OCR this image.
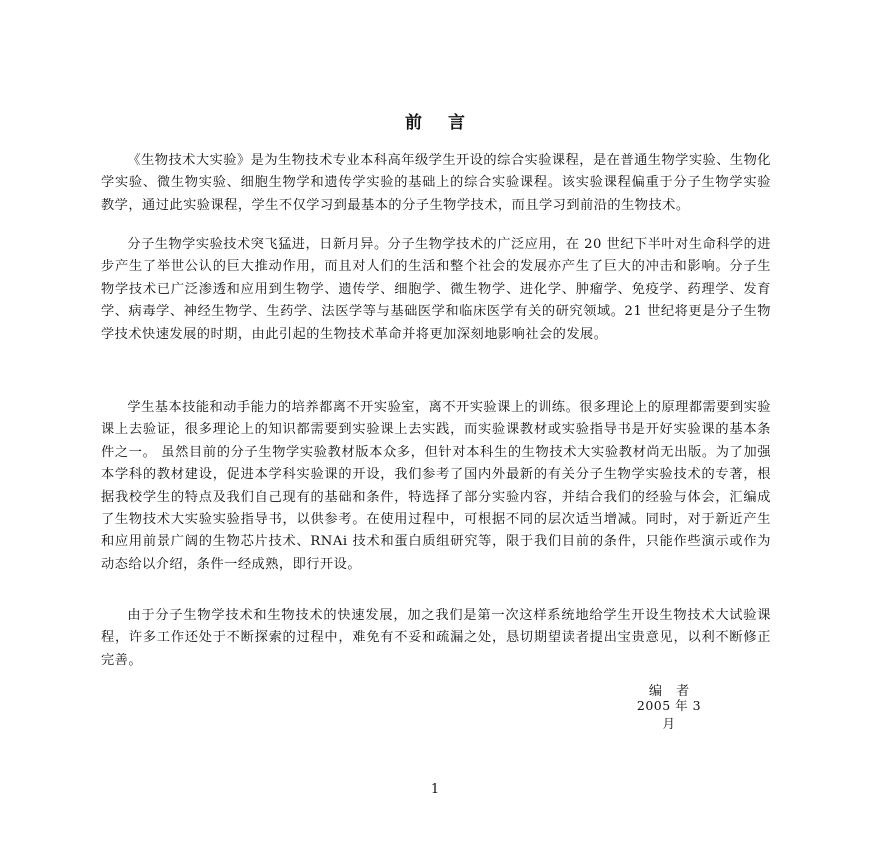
前言
《生物技术大实验》是为生物技术专业本科高年级学生开设的综合实验课程，是在普通生物学实验、生物化学实验、微生物实验、细胞生物学和遗传学实验的基础上的综合实验课程。该实验课程偏重于分子生物学实验教学，通过此实验课程，学生不仅学习到最基本的分子生物学技术，而且学习到前沿的生物技术。
分子生物学实验技术突飞猛进，日新月异。分子生物学技术的广泛应用，在 20 世纪下半叶对生命科学的进步产生了举世公认的巨大推动作用，而且对人们的生活和整个社会的发展亦产生了巨大的冲击和影响。分子生物学技术已广泛渗透和应用到生物学、遗传学、细胞学、微生物学、进化学、肿瘤学、免疫学、药理学、发育学、病毒学、神经生物学、生药学、法医学等与基础医学和临床医学有关的研究领域。21 世纪将更是分子生物学技术快速发展的时期，由此引起的生物技术革命并将更加深刻地影响社会的发展。
学生基本技能和动手能力的培养都离不开实验室，离不开实验课上的训练。很多理论上的原理都需要到实验课上去验证，很多理论上的知识都需要到实验课上去实践，而实验课教材或实验指导书是开好实验课的基本条件之一。 虽然目前的分子生物学实验教材版本众多，但针对本科生的生物技术大实验教材尚无出版。为了加强本学科的教材建设，促进本学科实验课的开设，我们参考了国内外最新的有关分子生物学实验技术的专著，根据我校学生的特点及我们自己现有的基础和条件，特选择了部分实验内容，并结合我们的经验与体会，汇编成了生物技术大实验实验指导书，以供参考。在使用过程中，可根据不同的层次适当增减。同时，对于新近产生和应用前景广阔的生物芯片技术、RNAi 技术和蛋白质组研究等，限于我们目前的条件，只能作些演示或作为动态给以介绍，条件一经成熟，即行开设。
由于分子生物学技术和生物技术的快速发展，加之我们是第一次这样系统地给学生开设生物技术大试验课程，许多工作还处于不断探索的过程中，难免有不妥和疏漏之处，恳切期望读者提出宝贵意见，以利不断修正完善。
编者
2005 年 3 月
1
